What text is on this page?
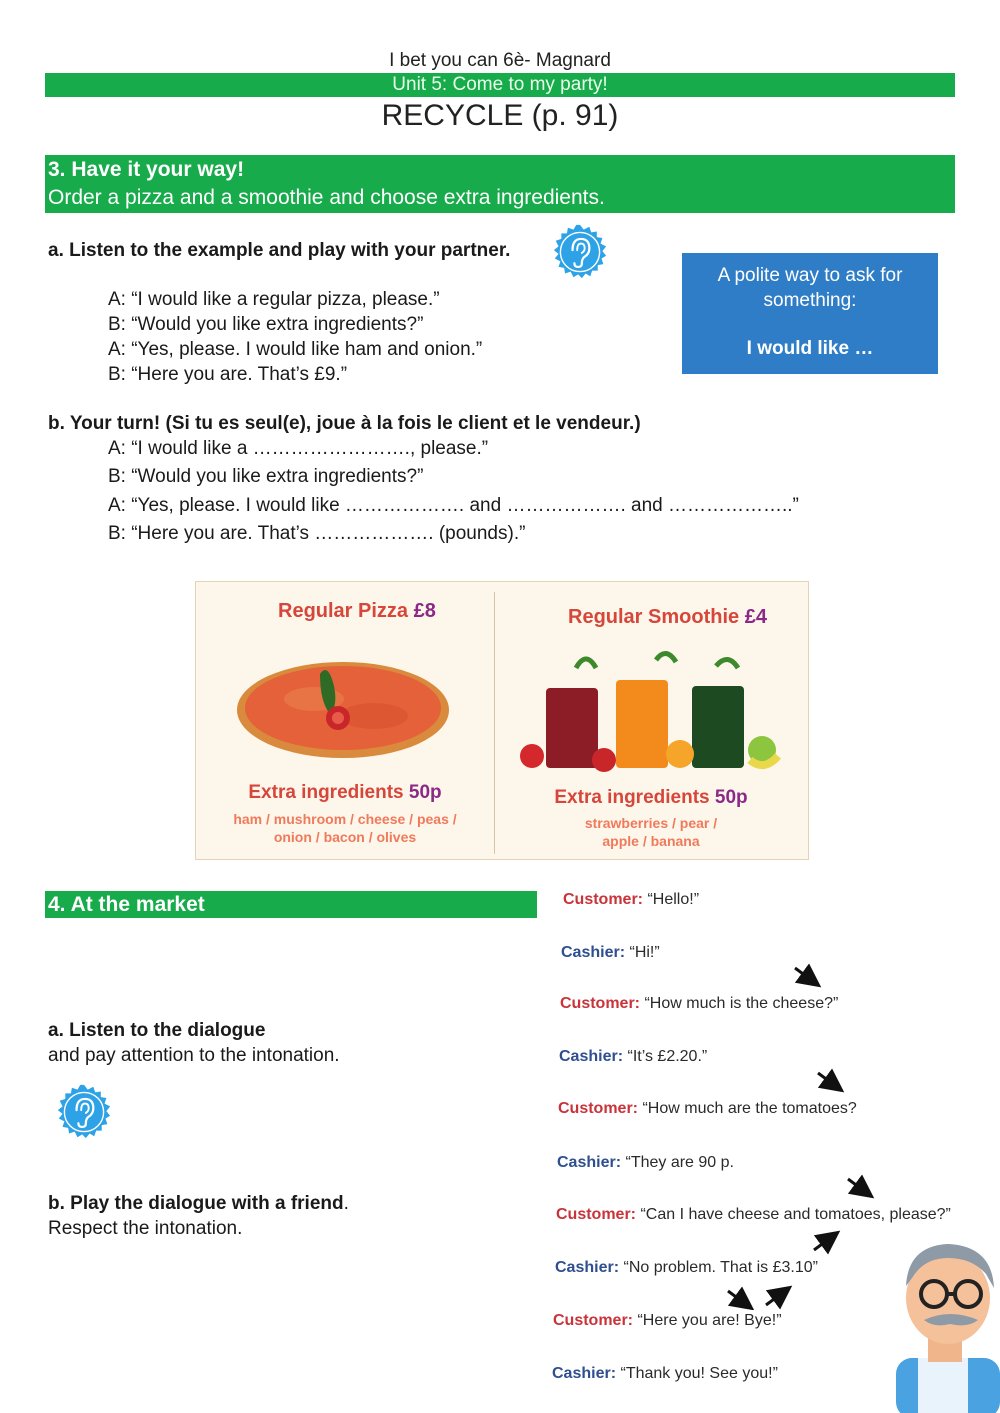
I bet you can 6è- Magnard
Unit 5: Come to my party!
RECYCLE (p. 91)
3. Have it your way!
Order a pizza and a smoothie and choose extra ingredients.
a. Listen to the example and play with your partner.
A: “I would like a regular pizza, please.”
B: “Would you like extra ingredients?”
A: “Yes, please. I would like ham and onion.”
B: “Here you are. That’s £9.”
A polite way to ask for something:
I would like …
b. Your turn! (Si tu es seul(e), joue à la fois le client et le vendeur.)
A: “I would like a ……………………., please.”
B: “Would you like extra ingredients?”
A: “Yes, please. I would like ………………. and ………………. and ………………..”
B: “Here you are. That’s ………………. (pounds).”
Regular Pizza £8
Extra ingredients 50p
ham / mushroom / cheese / peas /
onion / bacon / olives
Regular Smoothie £4
Extra ingredients 50p
strawberries / pear /
apple / banana
4. At the market
a. Listen to the dialogue
and pay attention to the intonation.
b. Play the dialogue with a friend.
Respect the intonation.
Customer: “Hello!”
Cashier: “Hi!”
Customer: “How much is the cheese?”
Cashier: “It’s £2.20.”
Customer: “How much are the tomatoes?
Cashier: “They are 90 p.
Customer: “Can I have cheese and tomatoes, please?”
Cashier: “No problem. That is £3.10”
Customer: “Here you are! Bye!”
Cashier: “Thank you! See you!”
